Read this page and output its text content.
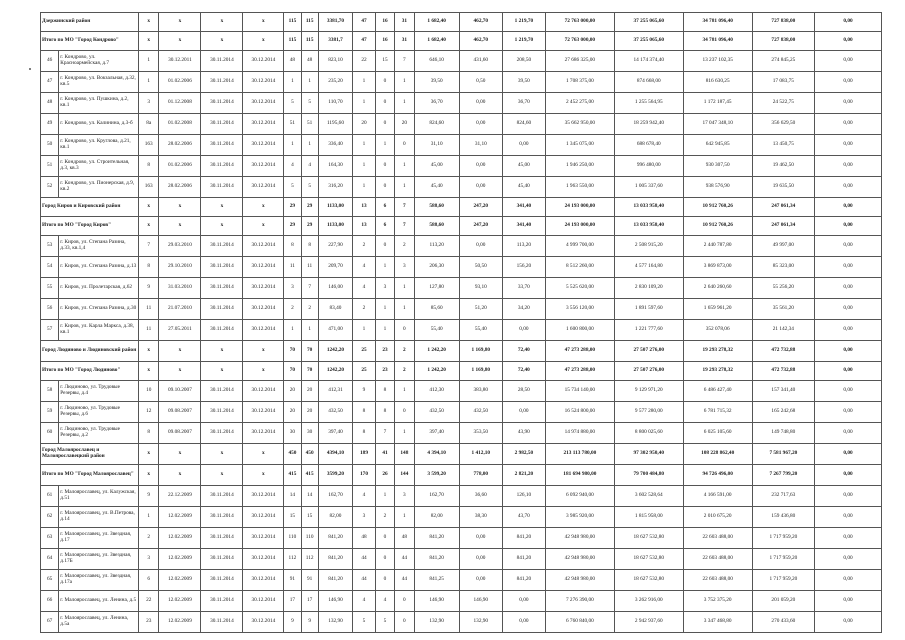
Дзержинский район		x	x	x	x	115	115	3381,70	47	16	31	1 682,40	462,70	1 219,70	72 763 000,00	37 255 065,60	34 781 096,40	727 838,00	0,00
Итого по МО "Город Кондрово"		x	x	x	x	115	115	3381,7	47	16	31	1 682,40	462,70	1 219,70	72 763 000,00	37 255 065,60	34 781 096,40	727 838,00	0,00
46	г. Кондрово, ул. Красноармейская, д.7	1	30.12.2011	30.11.2014	30.12.2014	48	48	823,10	22	15	7	646,10	431,60	208,50	27 686 325,00	14 174 374,40	13 237 102,35	274 845,25	0,00
47	г. Кондрово, ул. Вокзальная, д.32, кв.5	1	01.02.2006	30.11.2014	30.12.2014	1	1	235,20	1	0	1	39,50	0,50	39,50	1 708 375,00	874 668,00	816 630,25	17 083,75	0,00
48	г. Кондрово, ул. Пушкина, д.2, кв.1	3	01.12.2008	30.11.2014	30.12.2014	5	5	110,70	1	0	1	36,70	0,00	36,70	2 452 275,00	1 255 564,95	1 172 187,45	24 522,75	0,00
49	г. Кондрово, ул. Калинина, д.3-б	8a	01.02.2008	30.11.2014	30.12.2014	51	51	1195,60	20	0	20	824,60	0,00	824,60	35 662 950,00	18 259 942,40	17 047 348,10	356 629,50	0,00
50	г. Кондрово, ул. Круглова, д.21, кв.1	163	28.02.2006	30.11.2014	30.12.2014	1	1	336,40	1	1	0	31,10	31,10	0,00	1 345 075,00	688 678,40	642 945,85	13 450,75	0,00
51	г. Кондрово, ул. Строительная, д.3, кв.3	8	01.02.2006	30.11.2014	30.12.2014	4	4	164,30	1	0	1	45,00	0,00	45,00	1 946 250,00	996 480,00	930 307,50	19 462,50	0,00
52	г. Кондрово, ул. Пионерская, д.9, кв.2	163	28.02.2006	30.11.2014	30.12.2014	5	5	316,20	1	0	1	45,40	0,00	45,40	1 963 550,00	1 005 337,60	938 576,90	19 635,50	0,00
Город Киров и Кировский район		x	x	x	x	29	29	1133,00	13	6	7	588,60	247,20	341,40	24 193 000,00	13 033 958,40	10 912 760,26	247 061,34	0,00
Итого по МО "Город Киров"		x	x	x	x	29	29	1133,00	13	6	7	588,60	247,20	341,40	24 193 000,00	13 033 958,40	10 912 760,26	247 061,34	0,00
53	г. Киров, ул. Степана Разина, д.33, кв.1,4	7	29.03.2010	30.11.2014	30.12.2014	8	8	227,90	2	0	2	113,20	0,00	113,20	4 999 700,00	2 508 915,20	2 440 787,80	49 997,00	0,00
54	г. Киров, ул. Степана Разина, д.13	8	29.10.2010	30.11.2014	30.12.2014	11	11	209,70	4	1	3	206,30	50,50	156,20	8 512 260,00	4 577 164,80	3 869 873,00	85 323,00	0,00
55	г. Киров, ул. Пролетарская, д.62	9	31.03.2010	30.11.2014	30.12.2014	3	7	146,00	4	3	1	127,80	93,10	33,70	5 525 620,00	2 830 109,20	2 640 260,60	55 256,20	0,00
56	г. Киров, ул. Степана Разина, д.30	11	21.07.2010	30.11.2014	30.12.2014	2	2	83,40	2	1	1	85,60	51,20	34,20	3 556 120,00	1 891 597,60	1 659 961,20	35 561,20	0,00
57	г. Киров, ул. Карла Маркса, д.38, кв.1	11	27.05.2011	30.11.2014	30.12.2014	1	1	471,00	1	1	0	55,40	55,40	0,00	1 600 800,00	1 221 777,60	352 078,06	21 142,34	0,00
Город Людиново и Людиновский район		x	x	x	x	70	70	1242,20	25	23	2	1 242,20	1 169,80	72,40	47 273 288,00	27 507 276,00	19 293 278,32	472 732,88	0,00
Итого по МО "Город Людиново"		x	x	x	x	70	70	1242,20	25	23	2	1 242,20	1 169,80	72,40	47 273 288,00	27 507 276,00	19 293 278,32	472 732,88	0,00
58	г. Людиново, ул. Трудовые Резервы, д.4	10	09.10.2007	30.11.2014	30.12.2014	20	20	412,31	9	8	1	412,30	383,80	28,50	15 734 140,00	9 129 971,20	6 486 427,40	157 341,40	0,00
59	г. Людиново, ул. Трудовые Резервы, д.6	12	09.08.2007	30.11.2014	30.12.2014	20	20	432,50	8	8	0	432,50	432,50	0,00	16 524 800,00	9 577 280,00	6 781 715,32	165 242,68	0,00
60	г. Людиново, ул. Трудовые Резервы, д.2	8	09.08.2007	30.11.2014	30.12.2014	30	30	397,40	8	7	1	397,40	353,50	43,90	14 974 880,00	8 800 025,60	6 025 105,60	149 748,80	0,00
Город Малоярославец и Малоярославецкий район		x	x	x	x	450	450	4394,10	189	41	148	4 394,10	1 412,10	2 982,50	213 113 780,00	97 302 950,40	108 228 862,40	7 581 967,20	0,00
Итого по МО "Город Малоярославец"		x	x	x	x	415	415	3599,20	170	26	144	3 599,20	778,00	2 821,20	181 694 980,00	79 700 484,80	94 726 496,00	7 267 799,20	0,00
61	г. Малоярославец, ул. Калужская, д.51	9	22.12.2009	30.11.2014	30.12.2014	14	14	162,70	4	1	3	162,70	36,60	126,10	6 092 940,00	3 602 528,64	4 166 591,00	232 717,63	0,00
62	г. Малоярославец, ул. В.Петрова, д.14	1	12.02.2009	30.11.2014	30.12.2014	15	15	82,00	3	2	1	82,00	38,30	43,70	3 985 920,00	1 815 958,00	2 010 675,20	159 436,80	0,00
63	г. Малоярославец, ул. Звездная, д.17	2	12.02.2009	30.11.2014	30.12.2014	110	110	841,20	48	0	48	841,20	0,00	841,20	42 948 980,00	18 627 532,80	22 603 488,00	1 717 959,20	0,00
64	г. Малоярославец, ул. Звездная, д.17Б	3	12.02.2009	30.11.2014	30.12.2014	112	112	841,20	44	0	44	841,20	0,00	841,20	42 948 980,00	18 627 532,80	22 603 488,00	1 717 959,20	0,00
65	г. Малоярославец, ул. Звездная, д.17а	6	12.02.2009	30.11.2014	30.12.2014	91	91	841,20	44	0	44	841,25	0,00	841,20	42 948 980,00	18 627 532,80	22 603 488,00	1 717 959,20	0,00
66	г. Малоярославец, ул. Ленина, д.5	22	12.02.2009	30.11.2014	30.12.2014	17	17	146,90	4	4	0	146,90	146,90	0,00	7 276 390,00	3 262 916,00	3 752 375,20	201 059,20	0,00
67	г. Малоярославец, ул. Ленина, д.5а	23	12.02.2009	30.11.2014	30.12.2014	9	9	132,90	5	5	0	132,90	132,90	0,00	6 760 840,00	2 942 937,60	3 347 468,80	270 433,60	0,00
